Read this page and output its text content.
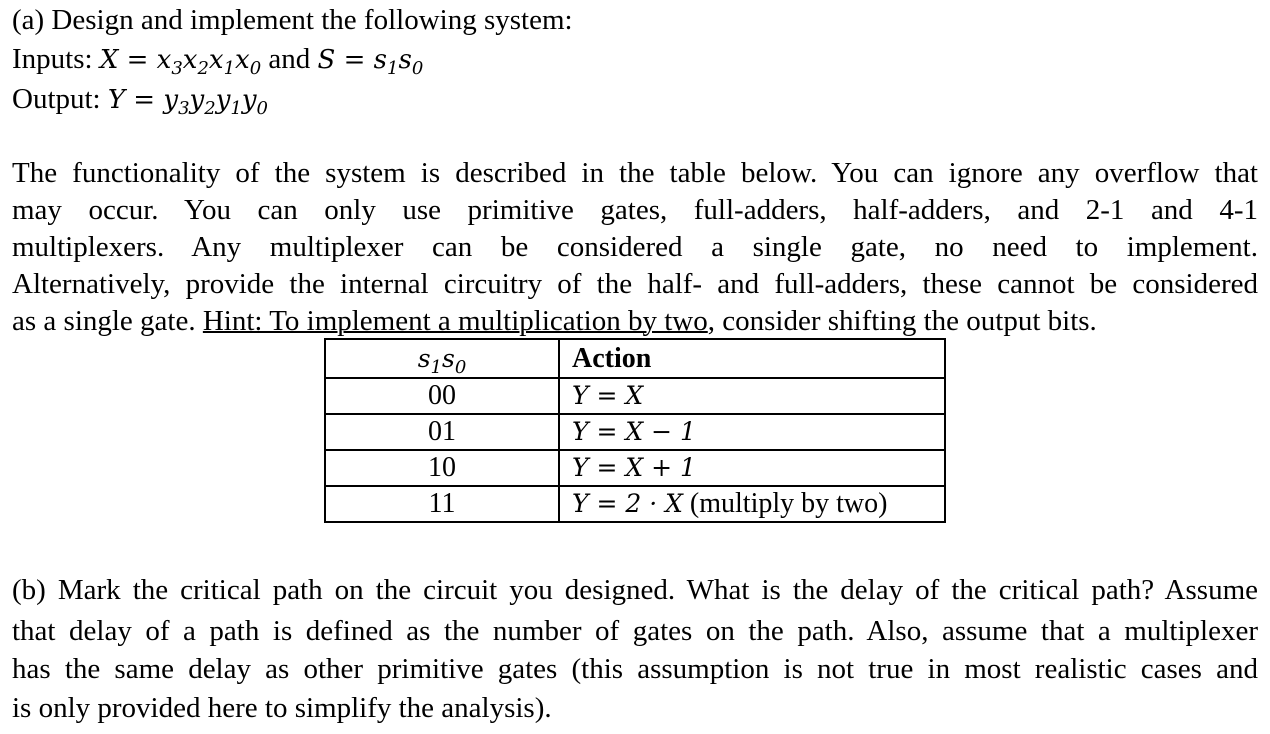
(a) Design and implement the following system:
Inputs: $X = x_3x_2x_1x_0$ and $S = s_1s_0$
Output: $Y = y_3y_2y_1y_0$
The functionality of the system is described in the table below. You can ignore any overflow that
may occur. You can only use primitive gates, full-adders, half-adders, and 2-1 and 4-1
multiplexers. Any multiplexer can be considered a single gate, no need to implement.
Alternatively, provide the internal circuitry of the half- and full-adders, these cannot be considered
as a single gate. Hint: To implement a multiplication by two, consider shifting the output bits.
$s_1s_0$	Action
00	Y = X
01	Y = X − 1
10	Y = X + 1
11	Y = 2 · X (multiply by two)
(b) Mark the critical path on the circuit you designed. What is the delay of the critical path? Assume
that delay of a path is defined as the number of gates on the path. Also, assume that a multiplexer
has the same delay as other primitive gates (this assumption is not true in most realistic cases and
is only provided here to simplify the analysis).
